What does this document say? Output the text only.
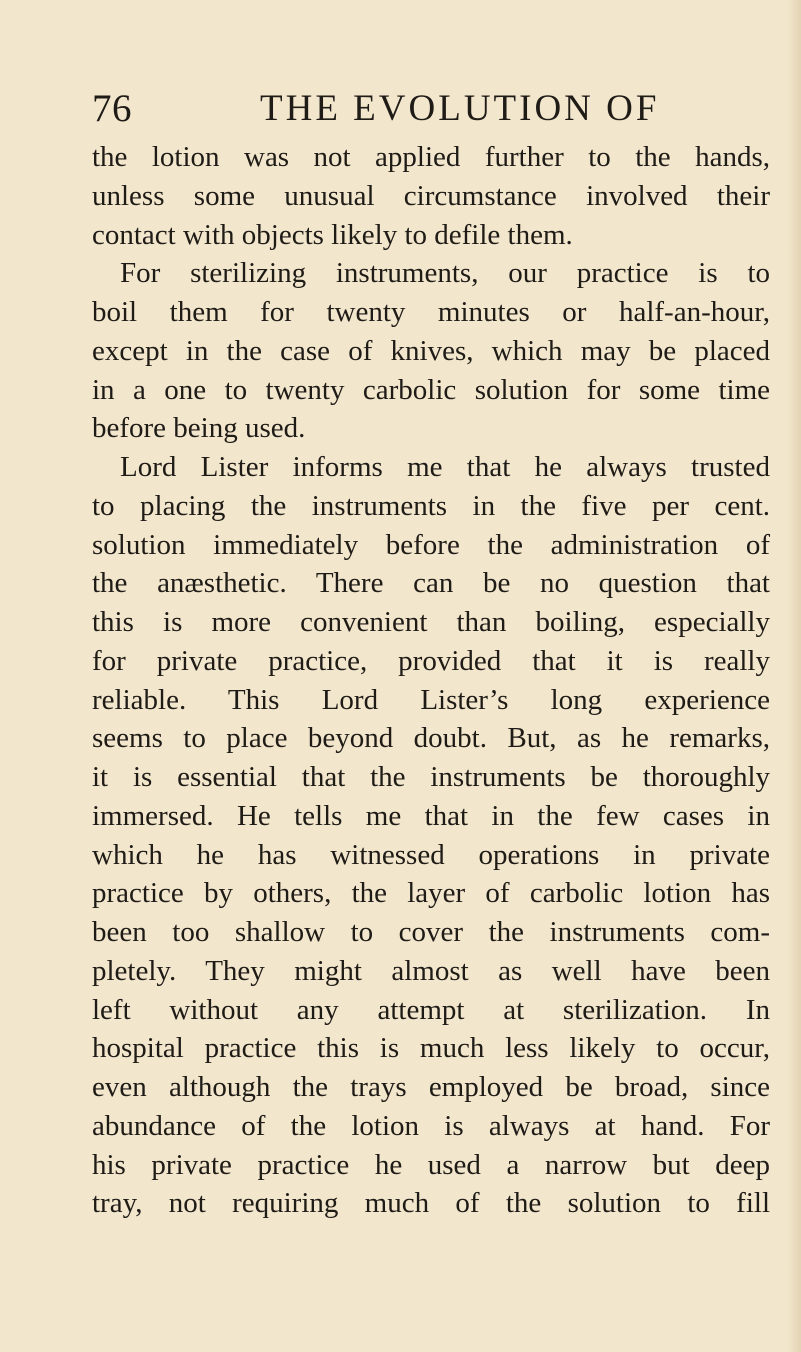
76	THE EVOLUTION OF
the lotion was not applied further to the hands,
unless some unusual circumstance involved their
contact with objects likely to defile them.
For sterilizing instruments, our practice is to
boil them for twenty minutes or half-an-hour,
except in the case of knives, which may be placed
in a one to twenty carbolic solution for some time
before being used.
Lord Lister informs me that he always trusted
to placing the instruments in the five per cent.
solution immediately before the administration of
the anæsthetic. There can be no question that
this is more convenient than boiling, especially
for private practice, provided that it is really
reliable. This Lord Lister’s long experience
seems to place beyond doubt. But, as he remarks,
it is essential that the instruments be thoroughly
immersed. He tells me that in the few cases in
which he has witnessed operations in private
practice by others, the layer of carbolic lotion has
been too shallow to cover the instruments com-
pletely. They might almost as well have been
left without any attempt at sterilization. In
hospital practice this is much less likely to occur,
even although the trays employed be broad, since
abundance of the lotion is always at hand. For
his private practice he used a narrow but deep
tray, not requiring much of the solution to fill
